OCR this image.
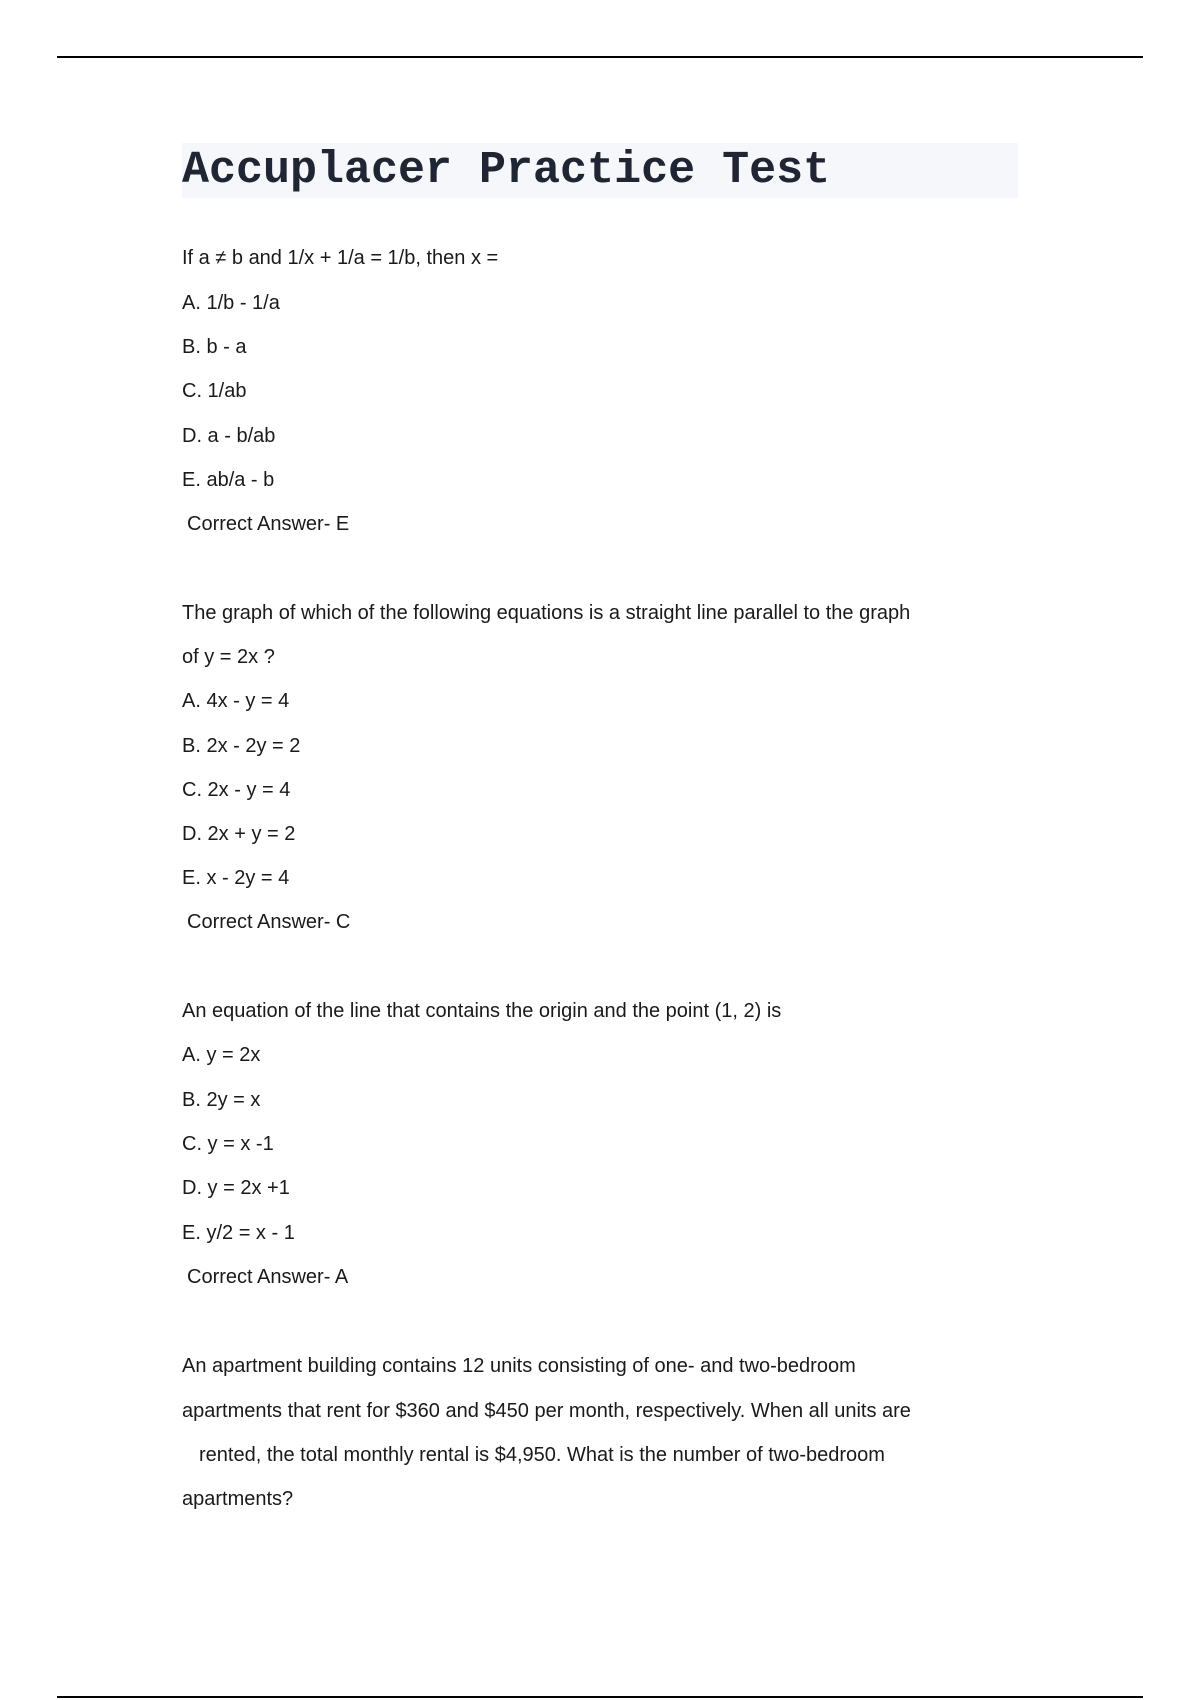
Accuplacer Practice Test
If a ≠ b and 1/x + 1/a = 1/b, then x =
A. 1/b - 1/a
B. b - a
C. 1/ab
D. a - b/ab
E. ab/a - b
Correct Answer- E
The graph of which of the following equations is a straight line parallel to the graph
of y = 2x ?
A. 4x - y = 4
B. 2x - 2y = 2
C. 2x - y = 4
D. 2x + y = 2
E. x - 2y = 4
Correct Answer- C
An equation of the line that contains the origin and the point (1, 2) is
A. y = 2x
B. 2y = x
C. y = x -1
D. y = 2x +1
E. y/2 = x - 1
Correct Answer- A
An apartment building contains 12 units consisting of one- and two-bedroom
apartments that rent for $360 and $450 per month, respectively. When all units are
rented, the total monthly rental is $4,950. What is the number of two-bedroom
apartments?
